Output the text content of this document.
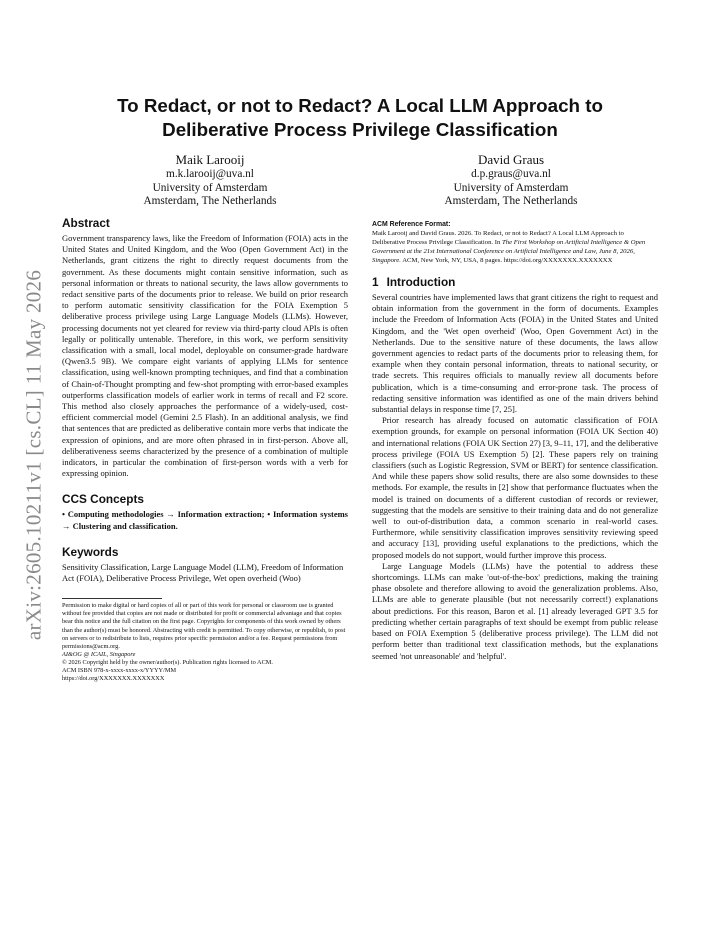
arXiv:2605.10211v1 [cs.CL] 11 May 2026
To Redact, or not to Redact? A Local LLM Approach to
Deliberative Process Privilege Classification
Maik Larooij
m.k.larooij@uva.nl
University of Amsterdam
Amsterdam, The Netherlands
David Graus
d.p.graus@uva.nl
University of Amsterdam
Amsterdam, The Netherlands
Abstract

Government transparency laws, like the Freedom of Information (FOIA) acts in the United States and United Kingdom, and the Woo (Open Government Act) in the Netherlands, grant citizens the right to directly request documents from the government. As these documents might contain sensitive information, such as personal information or threats to national security, the laws allow governments to redact sensitive parts of the documents prior to release. We build on prior research to perform automatic sensitivity classification for the FOIA Exemption 5 deliberative process privilege using Large Language Models (LLMs). However, processing documents not yet cleared for review via third-party cloud APIs is often legally or politically untenable. Therefore, in this work, we perform sensitivity classification with a small, local model, deployable on consumer-grade hardware (Qwen3.5 9B). We compare eight variants of applying LLMs for sentence classification, using well-known prompting techniques, and find that a combination of Chain-of-Thought prompting and few-shot prompting with error-based examples outperforms classification models of earlier work in terms of recall and F2 score. This method also closely approaches the performance of a widely-used, cost-efficient commercial model (Gemini 2.5 Flash). In an additional analysis, we find that sentences that are predicted as deliberative contain more verbs that indicate the expression of opinions, and are more often phrased in in first-person. Above all, deliberativeness seems characterized by the presence of a combination of multiple indicators, in particular the combination of first-person words with a verb for expressing opinion.

CCS Concepts

• Computing methodologies → Information extraction; • Information systems → Clustering and classification.

Keywords

Sensitivity Classification, Large Language Model (LLM), Freedom of Information Act (FOIA), Deliberative Process Privilege, Wet open overheid (Woo)

Permission to make digital or hard copies of all or part of this work for personal or classroom use is granted without fee provided that copies are not made or distributed for profit or commercial advantage and that copies bear this notice and the full citation on the first page. Copyrights for components of this work owned by others than the author(s) must be honored. Abstracting with credit is permitted. To copy otherwise, or republish, to post on servers or to redistribute to lists, requires prior specific permission and/or a fee. Request permissions from permissions@acm.org.
AI&OG @ ICAIL, Singapore
© 2026 Copyright held by the owner/author(s). Publication rights licensed to ACM.
ACM ISBN 978-x-xxxx-xxxx-x/YYYY/MM
https://doi.org/XXXXXXX.XXXXXXX
ACM Reference Format:
Maik Larooij and David Graus. 2026. To Redact, or not to Redact? A Local LLM Approach to Deliberative Process Privilege Classification. In The First Workshop on Artificial Intelligence & Open Government at the 21st International Conference on Artificial Intelligence and Law, June 8, 2026, Singapore. ACM, New York, NY, USA, 8 pages. https://doi.org/XXXXXXX.XXXXXXX
1 Introduction

Several countries have implemented laws that grant citizens the right to request and obtain information from the government in the form of documents. Examples include the Freedom of Information Acts (FOIA) in the United States and United Kingdom, and the 'Wet open overheid' (Woo, Open Government Act) in the Netherlands. Due to the sensitive nature of these documents, the laws allow government agencies to redact parts of the documents prior to releasing them, for example when they contain personal information, threats to national security, or trade secrets. This requires officials to manually review all documents before publication, which is a time-consuming and error-prone task. The process of redacting sensitive information was identified as one of the main drivers behind substantial delays in response time [7, 25].

Prior research has already focused on automatic classification of FOIA exemption grounds, for example on personal information (FOIA UK Section 40) and international relations (FOIA UK Section 27) [3, 9–11, 17], and the deliberative process privilege (FOIA US Exemption 5) [2]. These papers rely on training classifiers (such as Logistic Regression, SVM or BERT) for sentence classification. And while these papers show solid results, there are also some downsides to these methods. For example, the results in [2] show that performance fluctuates when the model is trained on documents of a different custodian of records or reviewer, suggesting that the models are sensitive to their training data and do not generalize well to out-of-distribution data, a common scenario in real-world cases. Furthermore, while sensitivity classification improves sensitivity reviewing speed and accuracy [13], providing useful explanations to the predictions, which the proposed models do not support, would further improve this process.

Large Language Models (LLMs) have the potential to address these shortcomings. LLMs can make 'out-of-the-box' predictions, making the training phase obsolete and therefore allowing to avoid the generalization problems. Also, LLMs are able to generate plausible (but not necessarily correct!) explanations about predictions. For this reason, Baron et al. [1] already leveraged GPT 3.5 for predicting whether certain paragraphs of text should be exempt from public release based on FOIA Exemption 5 (deliberative process privilege). The LLM did not perform better than traditional text classification methods, but the explanations seemed 'not unreasonable' and 'helpful'.
